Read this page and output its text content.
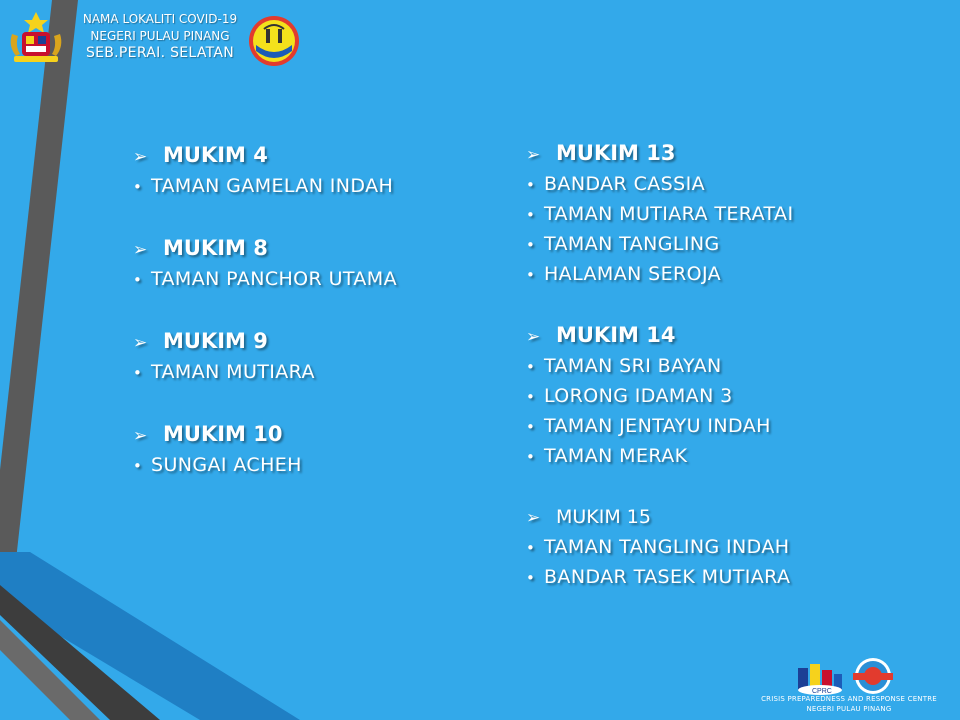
NAMA LOKALITI COVID-19
NEGERI PULAU PINANG
SEB.PERAI. SELATAN
➢ MUKIM 4
• TAMAN GAMELAN INDAH
➢ MUKIM 8
• TAMAN PANCHOR UTAMA
➢ MUKIM 9
• TAMAN MUTIARA
➢ MUKIM 10
• SUNGAI ACHEH
➢ MUKIM 13
• BANDAR CASSIA
• TAMAN MUTIARA TERATAI
• TAMAN TANGLING
• HALAMAN SEROJA
➢ MUKIM 14
• TAMAN SRI BAYAN
• LORONG IDAMAN 3
• TAMAN JENTAYU INDAH
• TAMAN MERAK
➢ MUKIM 15
• TAMAN TANGLING INDAH
• BANDAR TASEK MUTIARA
CPRC

CRISIS PREPAREDNESS AND RESPONSE CENTRE
NEGERI PULAU PINANG
